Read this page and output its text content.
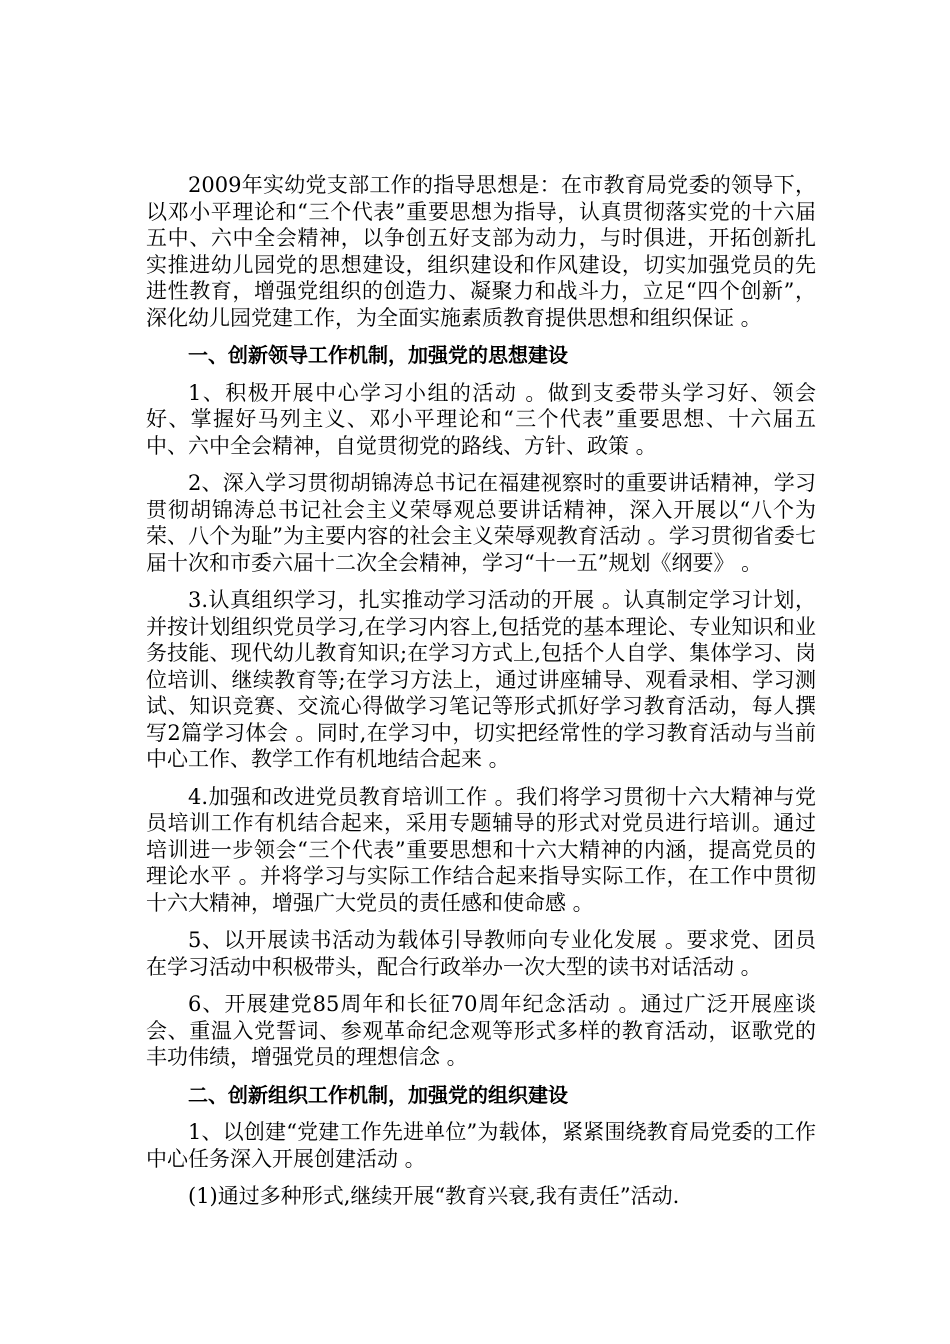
2009年实幼党支部工作的指导思想是：在市教育局党委的领导下，以邓小平理论和“三个代表”重要思想为指导，认真贯彻落实党的十六届五中、六中全会精神，以争创五好支部为动力，与时俱进，开拓创新扎实推进幼儿园党的思想建设，组织建设和作风建设，切实加强党员的先进性教育，增强党组织的创造力、凝聚力和战斗力，立足“四个创新”，深化幼儿园党建工作，为全面实施素质教育提供思想和组织保证 。

一、创新领导工作机制，加强党的思想建设

1、积极开展中心学习小组的活动 。做到支委带头学习好、领会好、掌握好马列主义、邓小平理论和“三个代表”重要思想、十六届五中、六中全会精神，自觉贯彻党的路线、方针、政策 。

2、深入学习贯彻胡锦涛总书记在福建视察时的重要讲话精神，学习贯彻胡锦涛总书记社会主义荣辱观总要讲话精神，深入开展以“八个为荣、八个为耻”为主要内容的社会主义荣辱观教育活动 。学习贯彻省委七届十次和市委六届十二次全会精神，学习“十一五”规划《纲要》 。

3.认真组织学习，扎实推动学习活动的开展 。认真制定学习计划，并按计划组织党员学习,在学习内容上,包括党的基本理论、专业知识和业务技能、现代幼儿教育知识;在学习方式上,包括个人自学、集体学习、岗位培训、继续教育等;在学习方法上，通过讲座辅导、观看录相、学习测试、知识竞赛、交流心得做学习笔记等形式抓好学习教育活动，每人撰写2篇学习体会 。同时,在学习中，切实把经常性的学习教育活动与当前中心工作、教学工作有机地结合起来 。

4.加强和改进党员教育培训工作 。我们将学习贯彻十六大精神与党员培训工作有机结合起来，采用专题辅导的形式对党员进行培训。通过培训进一步领会“三个代表”重要思想和十六大精神的内涵，提高党员的理论水平 。并将学习与实际工作结合起来指导实际工作，在工作中贯彻十六大精神，增强广大党员的责任感和使命感 。

5、以开展读书活动为载体引导教师向专业化发展 。要求党、团员在学习活动中积极带头，配合行政举办一次大型的读书对话活动 。

6、开展建党85周年和长征70周年纪念活动 。通过广泛开展座谈会、重温入党誓词、参观革命纪念观等形式多样的教育活动，讴歌党的丰功伟绩，增强党员的理想信念 。

二、创新组织工作机制，加强党的组织建设

1、以创建“党建工作先进单位”为载体，紧紧围绕教育局党委的工作中心任务深入开展创建活动 。

(1)通过多种形式,继续开展“教育兴衰,我有责任”活动.
